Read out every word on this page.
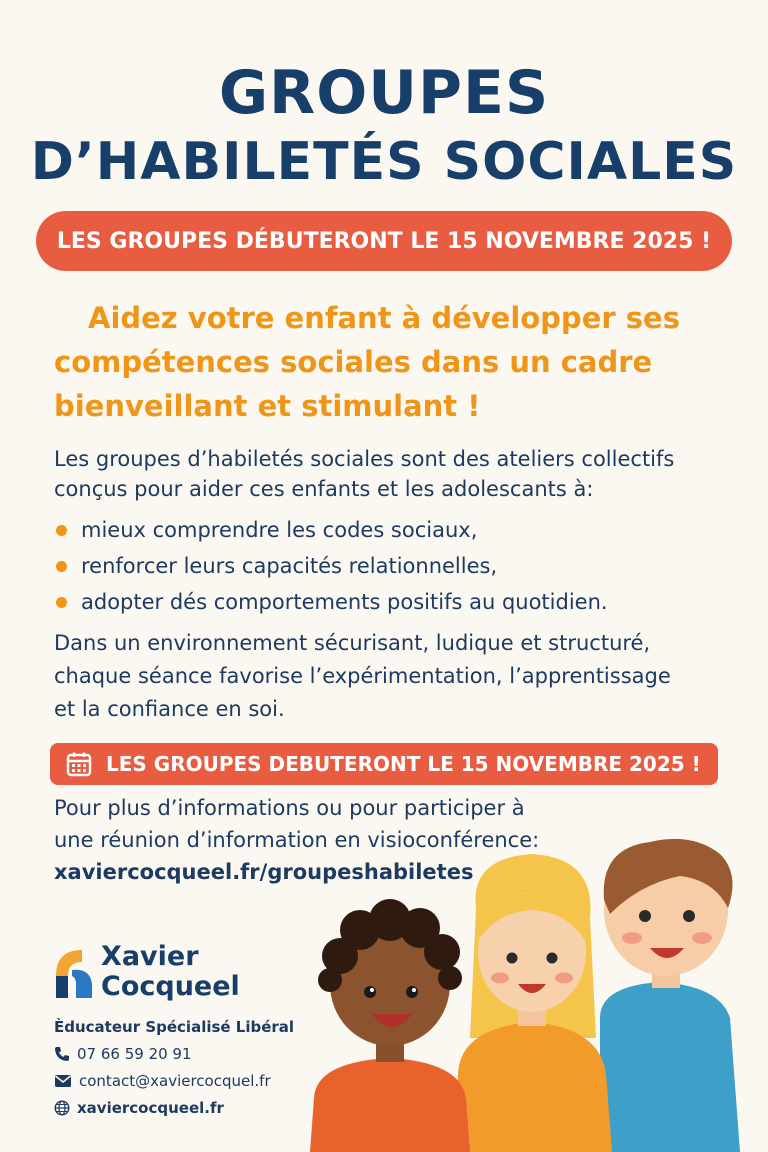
GROUPES
D’HABILETÉS SOCIALES
LES GROUPES DÉBUTERONT LE 15 NOVEMBRE 2025 !
Aidez votre enfant à développer ses
compétences sociales dans un cadre
bienveillant et stimulant !
Les groupes d’habiletés sociales sont des ateliers collectifs
conçus pour aider ces enfants et les adolescants à:
mieux comprendre les codes sociaux,
renforcer leurs capacités relationnelles,
adopter dés comportements positifs au quotidien.
Dans un environnement sécurisant, ludique et structuré,
chaque séance favorise l’expérimentation, l’apprentissage
et la confiance en soi.
LES GROUPES DEBUTERONT LE 15 NOVEMBRE 2025 !
Pour plus d’informations ou pour participer à
une réunion d’information en visioconférence:
xaviercocqueel.fr/groupeshabiletes
Xavier
Cocqueel
Èducateur Spécialisé Libéral
07 66 59 20 91
contact@xaviercocquel.fr
xaviercocqueel.fr
